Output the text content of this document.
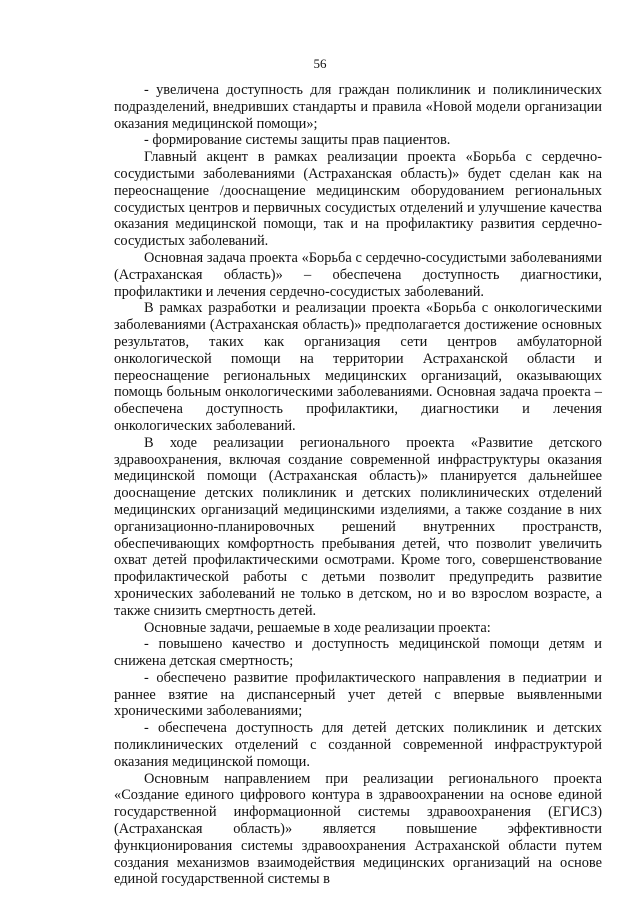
56

- увеличена доступность для граждан поликлиник и поликлинических подразделений, внедривших стандарты и правила «Новой модели организации оказания медицинской помощи»;

- формирование системы защиты прав пациентов.

Главный акцент в рамках реализации проекта «Борьба с сердечно-сосудистыми заболеваниями (Астраханская область)» будет сделан как на переоснащение /дооснащение медицинским оборудованием региональных сосудистых центров и первичных сосудистых отделений и улучшение качества оказания медицинской помощи, так и на профилактику развития сердечно-сосудистых заболеваний.

Основная задача проекта «Борьба с сердечно-сосудистыми заболеваниями (Астраханская область)» – обеспечена доступность диагностики, профилактики и лечения сердечно-сосудистых заболеваний.

В рамках разработки и реализации проекта «Борьба с онкологическими заболеваниями (Астраханская область)» предполагается достижение основных результатов, таких как организация сети центров амбулаторной онкологической помощи на территории Астраханской области и переоснащение региональных медицинских организаций, оказывающих помощь больным онкологическими заболеваниями. Основная задача проекта – обеспечена доступность профилактики, диагностики и лечения онкологических заболеваний.

В ходе реализации регионального проекта «Развитие детского здравоохранения, включая создание современной инфраструктуры оказания медицинской помощи (Астраханская область)» планируется дальнейшее дооснащение детских поликлиник и детских поликлинических отделений медицинских организаций медицинскими изделиями, а также создание в них организационно-планировочных решений внутренних пространств, обеспечивающих комфортность пребывания детей, что позволит увеличить охват детей профилактическими осмотрами. Кроме того, совершенствование профилактической работы с детьми позволит предупредить развитие хронических заболеваний не только в детском, но и во взрослом возрасте, а также снизить смертность детей.

Основные задачи, решаемые в ходе реализации проекта:

- повышено качество и доступность медицинской помощи детям и снижена детская смертность;

- обеспечено развитие профилактического направления в педиатрии и раннее взятие на диспансерный учет детей с впервые выявленными хроническими заболеваниями;

- обеспечена доступность для детей детских поликлиник и детских поликлинических отделений с созданной современной инфраструктурой оказания медицинской помощи.

Основным направлением при реализации регионального проекта «Создание единого цифрового контура в здравоохранении на основе единой государственной информационной системы здравоохранения (ЕГИСЗ) (Астраханская область)» является повышение эффективности функционирования системы здравоохранения Астраханской области путем создания механизмов взаимодействия медицинских организаций на основе единой государственной системы в
